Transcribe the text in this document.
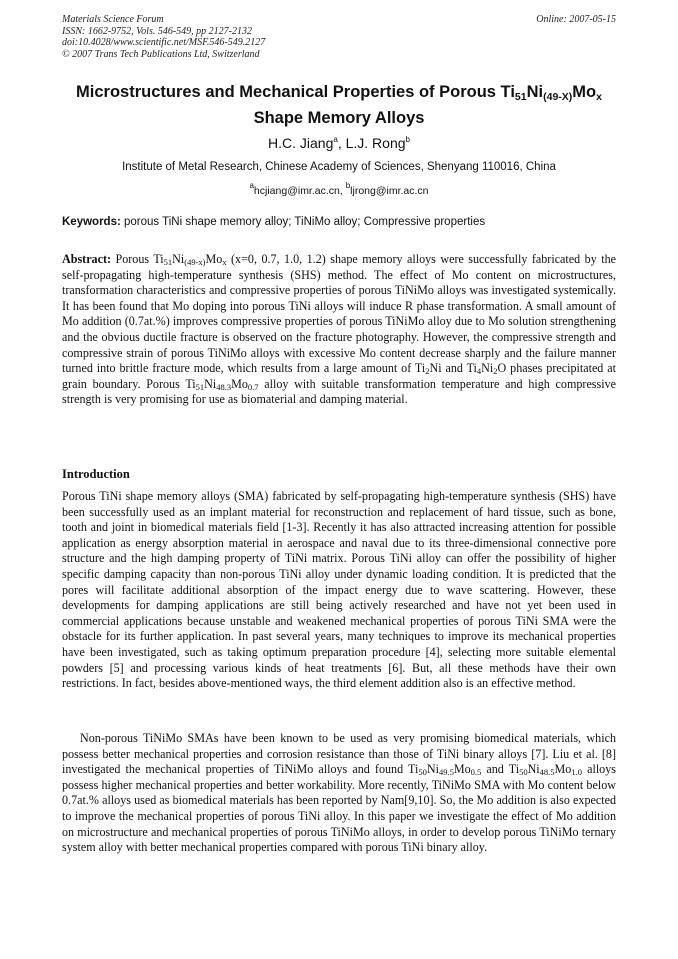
Materials Science Forum
ISSN: 1662-9752, Vols. 546-549, pp 2127-2132
doi:10.4028/www.scientific.net/MSF.546-549.2127
© 2007 Trans Tech Publications Ltd, Switzerland
Online: 2007-05-15
Microstructures and Mechanical Properties of Porous $Ti_{51}Ni_{(49-X)}Mo_x$
Shape Memory Alloys
H.C. Jiang$^a$, L.J. Rong$^b$
Institute of Metal Research, Chinese Academy of Sciences, Shenyang 110016, China
$^a$hcjiang@imr.ac.cn, $^b$ljrong@imr.ac.cn
Keywords: porous TiNi shape memory alloy; TiNiMo alloy; Compressive properties
Abstract: Porous $Ti_{51}Ni_{(49-x)}Mo_x$ (x=0, 0.7, 1.0, 1.2) shape memory alloys were successfully fabricated by the self-propagating high-temperature synthesis (SHS) method. The effect of Mo content on microstructures, transformation characteristics and compressive properties of porous TiNiMo alloys was investigated systemically. It has been found that Mo doping into porous TiNi alloys will induce R phase transformation. A small amount of Mo addition (0.7at.%) improves compressive properties of porous TiNiMo alloy due to Mo solution strengthening and the obvious ductile fracture is observed on the fracture photography. However, the compressive strength and compressive strain of porous TiNiMo alloys with excessive Mo content decrease sharply and the failure manner turned into brittle fracture mode, which results from a large amount of $Ti_2Ni$ and $Ti_4Ni_2O$ phases precipitated at grain boundary. Porous $Ti_{51}Ni_{48.3}Mo_{0.7}$ alloy with suitable transformation temperature and high compressive strength is very promising for use as biomaterial and damping material.
Introduction
Porous TiNi shape memory alloys (SMA) fabricated by self-propagating high-temperature synthesis (SHS) have been successfully used as an implant material for reconstruction and replacement of hard tissue, such as bone, tooth and joint in biomedical materials field [1-3]. Recently it has also attracted increasing attention for possible application as energy absorption material in aerospace and naval due to its three-dimensional connective pore structure and the high damping property of TiNi matrix. Porous TiNi alloy can offer the possibility of higher specific damping capacity than non-porous TiNi alloy under dynamic loading condition. It is predicted that the pores will facilitate additional absorption of the impact energy due to wave scattering. However, these developments for damping applications are still being actively researched and have not yet been used in commercial applications because unstable and weakened mechanical properties of porous TiNi SMA were the obstacle for its further application. In past several years, many techniques to improve its mechanical properties have been investigated, such as taking optimum preparation procedure [4], selecting more suitable elemental powders [5] and processing various kinds of heat treatments [6]. But, all these methods have their own restrictions. In fact, besides above-mentioned ways, the third element addition also is an effective method.
Non-porous TiNiMo SMAs have been known to be used as very promising biomedical materials, which possess better mechanical properties and corrosion resistance than those of TiNi binary alloys [7]. Liu et al. [8] investigated the mechanical properties of TiNiMo alloys and found $Ti_{50}Ni_{49.5}Mo_{0.5}$ and $Ti_{50}Ni_{48.5}Mo_{1.0}$ alloys possess higher mechanical properties and better workability. More recently, TiNiMo SMA with Mo content below 0.7at.% alloys used as biomedical materials has been reported by Nam[9,10]. So, the Mo addition is also expected to improve the mechanical properties of porous TiNi alloy. In this paper we investigate the effect of Mo addition on microstructure and mechanical properties of porous TiNiMo alloys, in order to develop porous TiNiMo ternary system alloy with better mechanical properties compared with porous TiNi binary alloy.
